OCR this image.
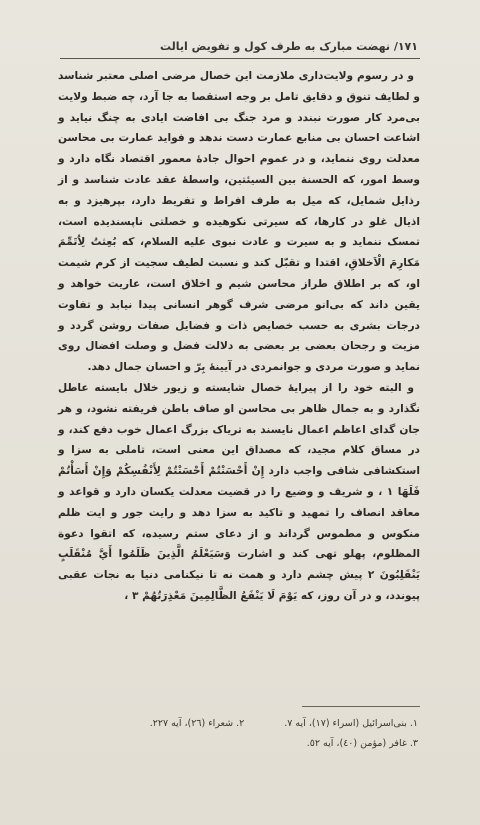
۱۷۱/ نهضت مبارک به طرف کول و تفویض ایالت

و در رسوم ولایت‌داری ملازمت این خصال مرضی اصلی معتبر شناسد و لطایف تنوق و دقایق تامل بر وجه استقصا به جا آرد، چه ضبط ولایت بی‌مرد کار صورت نبندد و مرد جنگ بی افاضت ایادی به چنگ نیاید و اشاعت احسان بی منابع عمارت دست ندهد و فواید عمارت بی محاسن معدلت روی ننماید، و در عموم احوال جادهٔ معمور اقتصاد نگاه دارد و وسط امور، که الحسنة بین السیئتین، واسطهٔ عقد عادت شناسد و از رذایل شمایل، که میل به طرف افراط و تفریط دارد، بپرهیزد و به اذیال غلو در کارها، که سیرتی نکوهیده و خصلتی ناپسندیده است، تمسک ننماید و به سیرت و عادت نبوی علیه السلام، که بُعِثتُ لِاُتَمِّمَ مَکارِمَ الْاَخلاقِ، اقتدا و تقبّل کند و نسبت لطیف سجیت از کرم شیمت او، که بر اطلاق طراز محاسن شیم و اخلاق است، عاریت خواهد و یقین داند که بی‌انو مرضی شرف گوهر انسانی پیدا نیابد و تفاوت درجات بشری به حسب خصایص ذات و فضایل صفات روشن گردد و مزیت و رجحان بعضی بر بعضی به دلالت فضل و وصلت افضال روی نماید و صورت مردی و جوانمردی در آیینهٔ بِرّ و احسان جمال دهد.

و البته خود را از پیرایهٔ خصال شایسته و زیور خلال بایسته عاطل نگذارد و به جمال ظاهر بی محاسن او صاف باطن فریفته نشود، و هر جان گدای اعاظم اعمال نایسند به تریاک بزرگ اعمال خوب دفع کند، و در مساق کلام مجید، که مصداق این معنی است، تاملی به سزا و استکشافی شافی واجب دارد إِنْ أَحْسَنْتُمْ أَحْسَنْتُمْ لِأَنْفُسِكُمْ وَإِنْ أَسَأْتُمْ فَلَهَا ١ ، و شریف و وضیع را در قضیت معدلت یکسان دارد و قواعد و معاقد انصاف را تمهید و تاکید به سزا دهد و رایت جور و ایت ظلم منکوس و مطموس گرداند و از دعای ستم رسیده، که اتقوا دعوة المظلوم، پهلو تهی کند و اشارت وَسَيَعْلَمُ الَّذِينَ ظَلَمُوا أَيَّ مُنْقَلَبٍ يَنْقَلِبُونَ ٢ پیش چشم دارد و همت نه تا نیکنامی دنیا به نجات عقبی پیوندد، و در آن روز، که يَوْمَ لَا يَنْفَعُ الظَّالِمِينَ مَعْذِرَتُهُمْ ٣ ،

١. بنی‌اسرائیل (اسراء (١٧)، آیه ٧.
٢. شعراء (٢٦)، آیه ٢٢٧.
٣. غافر (مؤمن (٤٠)، آیه ٥٢.
